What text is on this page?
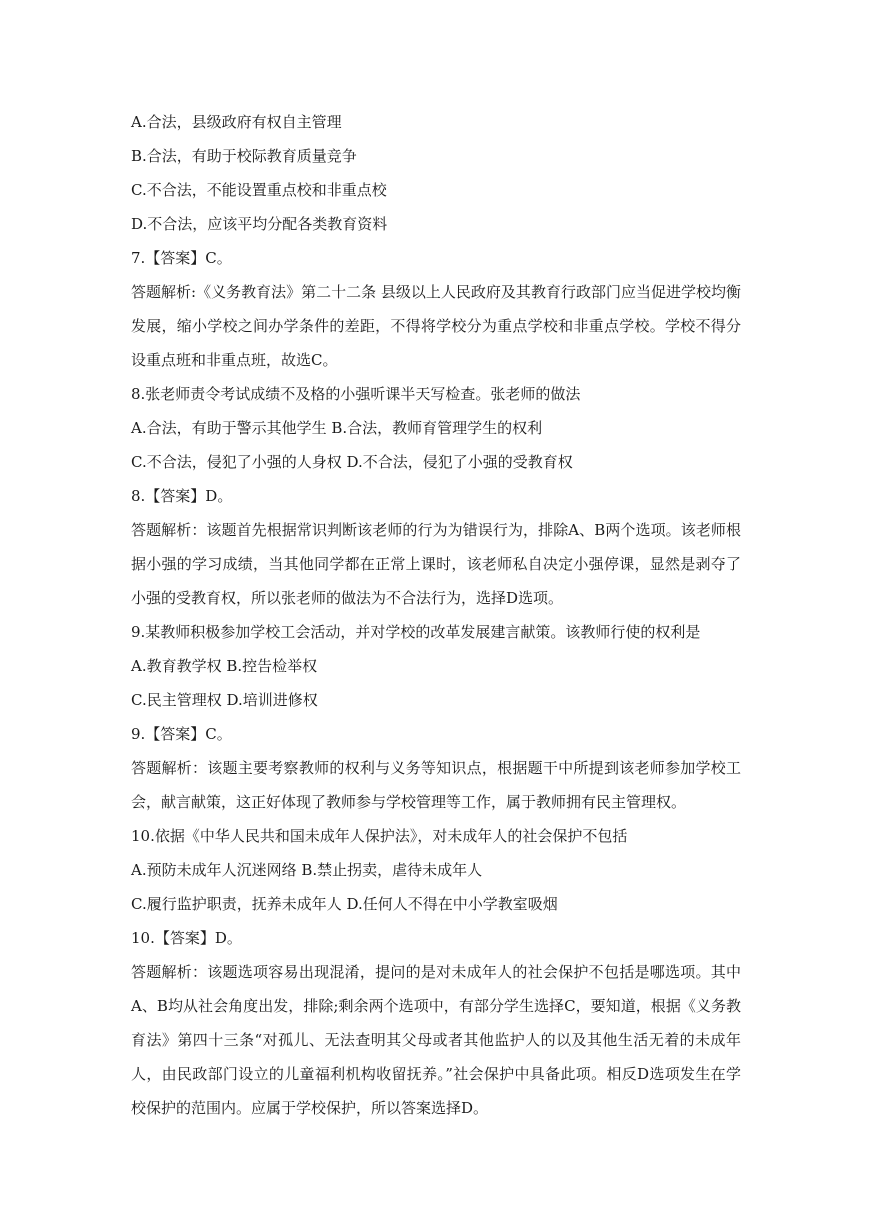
A.合法，县级政府有权自主管理
B.合法，有助于校际教育质量竞争
C.不合法，不能设置重点校和非重点校
D.不合法，应该平均分配各类教育资料
7.【答案】C。
答题解析:《义务教育法》第二十二条 县级以上人民政府及其教育行政部门应当促进学校均衡发展，缩小学校之间办学条件的差距，不得将学校分为重点学校和非重点学校。学校不得分设重点班和非重点班，故选C。
8.张老师责令考试成绩不及格的小强听课半天写检查。张老师的做法
A.合法，有助于警示其他学生 B.合法，教师育管理学生的权利
C.不合法，侵犯了小强的人身权 D.不合法，侵犯了小强的受教育权
8.【答案】D。
答题解析：该题首先根据常识判断该老师的行为为错误行为，排除A、B两个选项。该老师根据小强的学习成绩，当其他同学都在正常上课时，该老师私自决定小强停课，显然是剥夺了小强的受教育权，所以张老师的做法为不合法行为，选择D选项。
9.某教师积极参加学校工会活动，并对学校的改革发展建言献策。该教师行使的权利是
A.教育教学权 B.控告检举权
C.民主管理权 D.培训进修权
9.【答案】C。
答题解析：该题主要考察教师的权利与义务等知识点，根据题干中所提到该老师参加学校工会，献言献策，这正好体现了教师参与学校管理等工作，属于教师拥有民主管理权。
10.依据《中华人民共和国未成年人保护法》，对未成年人的社会保护不包括
A.预防未成年人沉迷网络 B.禁止拐卖，虐待未成年人
C.履行监护职责，抚养未成年人 D.任何人不得在中小学教室吸烟
10.【答案】D。
答题解析：该题选项容易出现混淆，提问的是对未成年人的社会保护不包括是哪选项。其中A、B均从社会角度出发，排除;剩余两个选项中，有部分学生选择C，要知道，根据《义务教育法》第四十三条“对孤儿、无法查明其父母或者其他监护人的以及其他生活无着的未成年人，由民政部门设立的儿童福利机构收留抚养。”社会保护中具备此项。相反D选项发生在学校保护的范围内。应属于学校保护，所以答案选择D。
